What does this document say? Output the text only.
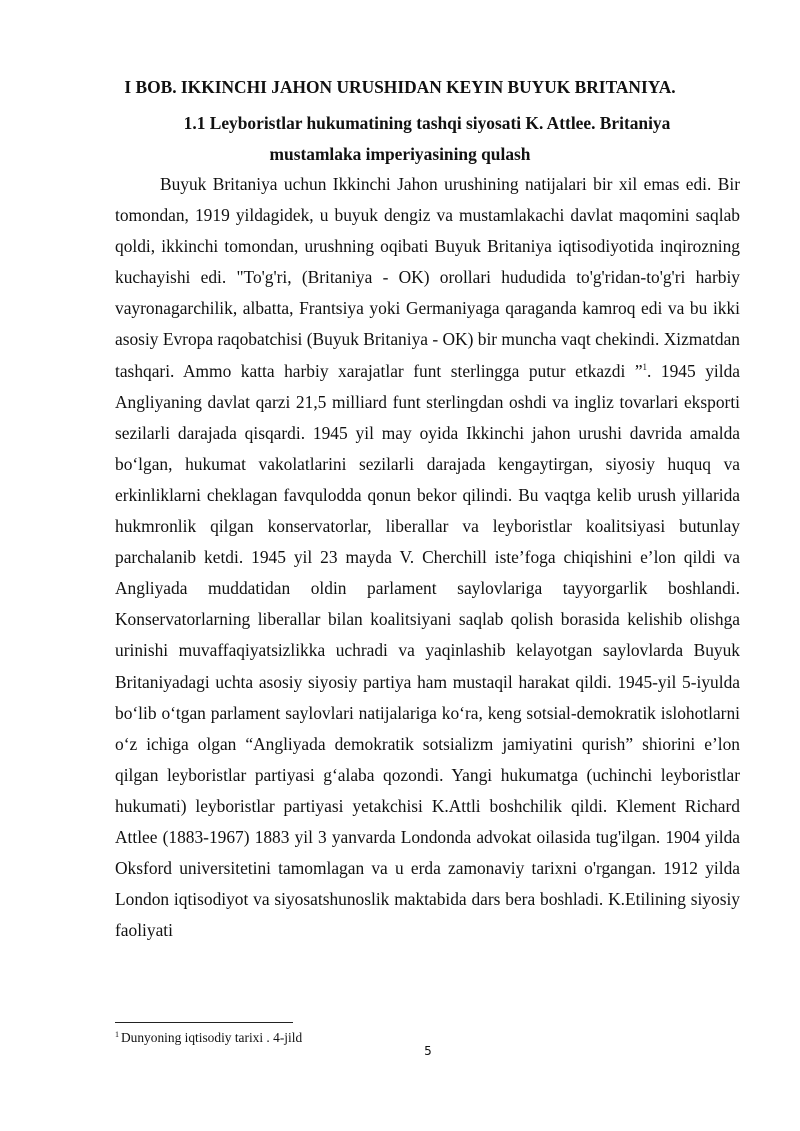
I BOB. IKKINCHI JAHON URUSHIDAN KEYIN BUYUK BRITANIYA.
1.1 Leyboristlar hukumatining tashqi siyosati K. Attlee. Britaniya
mustamlaka imperiyasining qulash

Buyuk Britaniya uchun Ikkinchi Jahon urushining natijalari bir xil emas edi. Bir tomondan, 1919 yildagidek, u buyuk dengiz va mustamlakachi davlat maqomini saqlab qoldi, ikkinchi tomondan, urushning oqibati Buyuk Britaniya iqtisodiyotida inqirozning kuchayishi edi. "To'g'ri, (Britaniya - OK) orollari hududida to'g'ridan-to'g'ri harbiy vayronagarchilik, albatta, Frantsiya yoki Germaniyaga qaraganda kamroq edi va bu ikki asosiy Evropa raqobatchisi (Buyuk Britaniya - OK) bir muncha vaqt chekindi. Xizmatdan tashqari. Ammo katta harbiy xarajatlar funt sterlingga putur etkazdi ”$^1$. 1945 yilda Angliyaning davlat qarzi 21,5 milliard funt sterlingdan oshdi va ingliz tovarlari eksporti sezilarli darajada qisqardi. 1945 yil may oyida Ikkinchi jahon urushi davrida amalda bo‘lgan, hukumat vakolatlarini sezilarli darajada kengaytirgan, siyosiy huquq va erkinliklarni cheklagan favqulodda qonun bekor qilindi. Bu vaqtga kelib urush yillarida hukmronlik qilgan konservatorlar, liberallar va leyboristlar koalitsiyasi butunlay parchalanib ketdi. 1945 yil 23 mayda V. Cherchill iste’foga chiqishini e’lon qildi va Angliyada muddatidan oldin parlament saylovlariga tayyorgarlik boshlandi. Konservatorlarning liberallar bilan koalitsiyani saqlab qolish borasida kelishib olishga urinishi muvaffaqiyatsizlikka uchradi va yaqinlashib kelayotgan saylovlarda Buyuk Britaniyadagi uchta asosiy siyosiy partiya ham mustaqil harakat qildi. 1945-yil 5-iyulda bo‘lib o‘tgan parlament saylovlari natijalariga ko‘ra, keng sotsial-demokratik islohotlarni o‘z ichiga olgan “Angliyada demokratik sotsializm jamiyatini qurish” shiorini e’lon qilgan leyboristlar partiyasi g‘alaba qozondi. Yangi hukumatga (uchinchi leyboristlar hukumati) leyboristlar partiyasi yetakchisi K.Attli boshchilik qildi. Klement Richard Attlee (1883-1967) 1883 yil 3 yanvarda Londonda advokat oilasida tug'ilgan. 1904 yilda Oksford universitetini tamomlagan va u erda zamonaviy tarixni o'rgangan. 1912 yilda London iqtisodiyot va siyosatshunoslik maktabida dars bera boshladi. K.Etilining siyosiy faoliyati

$^1$ Dunyoning iqtisodiy tarixi . 4-jild
5
